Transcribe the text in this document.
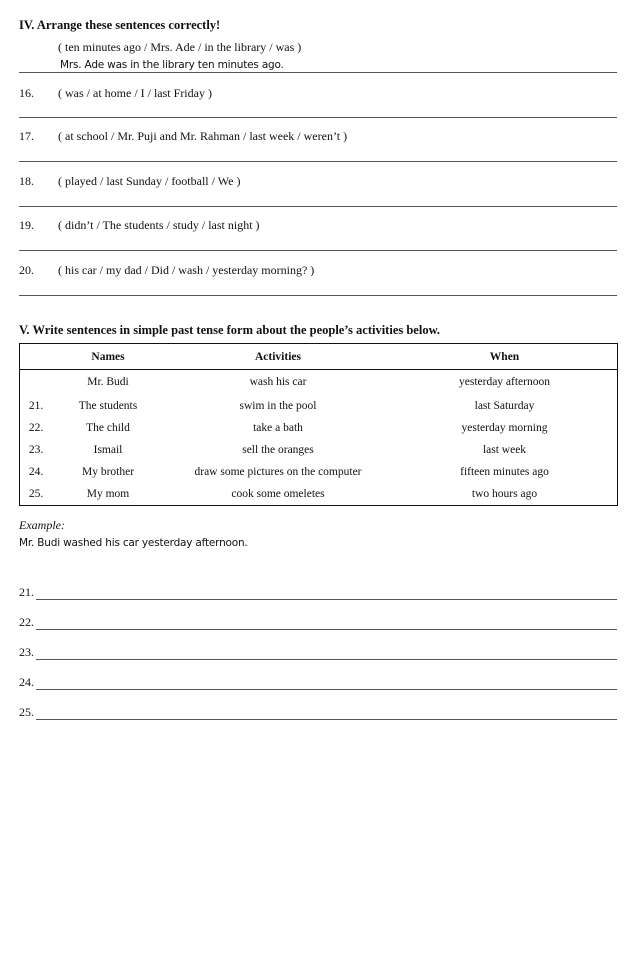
IV. Arrange these sentences correctly!
( ten minutes ago / Mrs. Ade / in the library / was )
Mrs. Ade was in the library ten minutes ago.
16.	( was / at home / I / last Friday )
17.	( at school / Mr. Puji and Mr. Rahman / last week / weren’t )
18.	( played / last Sunday / football / We )
19.	( didn’t / The students / study / last night )
20.	( his car / my dad / Did / wash / yesterday morning? )
V. Write sentences in simple past tense form about the people’s activities below.
	Names	Activities	When
	Mr. Budi	wash his car	yesterday afternoon
21.	The students	swim in the pool	last Saturday
22.	The child	take a bath	yesterday morning
23.	Ismail	sell the oranges	last week
24.	My brother	draw some pictures on the computer	fifteen minutes ago
25.	My mom	cook some omeletes	two hours ago
Example:
Mr. Budi washed his car yesterday afternoon.
21.
22.
23.
24.
25.
